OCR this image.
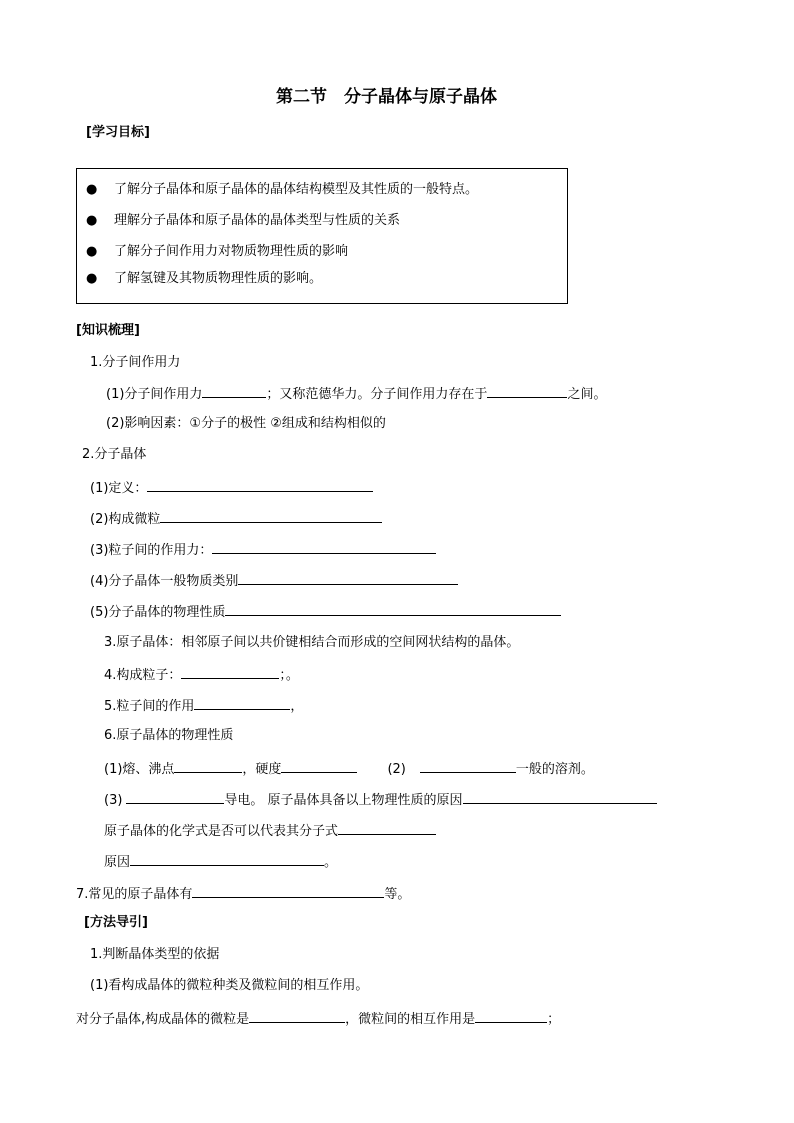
第二节　分子晶体与原子晶体
[学习目标]
● 了解分子晶体和原子晶体的晶体结构模型及其性质的一般特点。
● 理解分子晶体和原子晶体的晶体类型与性质的关系
● 了解分子间作用力对物质物理性质的影响
● 了解氢键及其物质物理性质的影响。
[知识梳理]
1.分子间作用力
(1)分子间作用力	；又称范德华力。分子间作用力存在于	之间。
(2)影响因素：①分子的极性 ②组成和结构相似的
2.分子晶体
(1)定义：
(2)构成微粒
(3)粒子间的作用力：
(4)分子晶体一般物质类别
(5)分子晶体的物理性质
3.原子晶体：相邻原子间以共价键相结合而形成的空间网状结构的晶体。
4.构成粒子：	；。
5.粒子间的作用	，
6.原子晶体的物理性质
(1)熔、沸点	，硬度	(2)	一般的溶剂。
(3)	导电。 原子晶体具备以上物理性质的原因
原子晶体的化学式是否可以代表其分子式
原因	。
7.常见的原子晶体有	等。
[方法导引]
1.判断晶体类型的依据
(1)看构成晶体的微粒种类及微粒间的相互作用。
对分子晶体,构成晶体的微粒是	，微粒间的相互作用是	；
